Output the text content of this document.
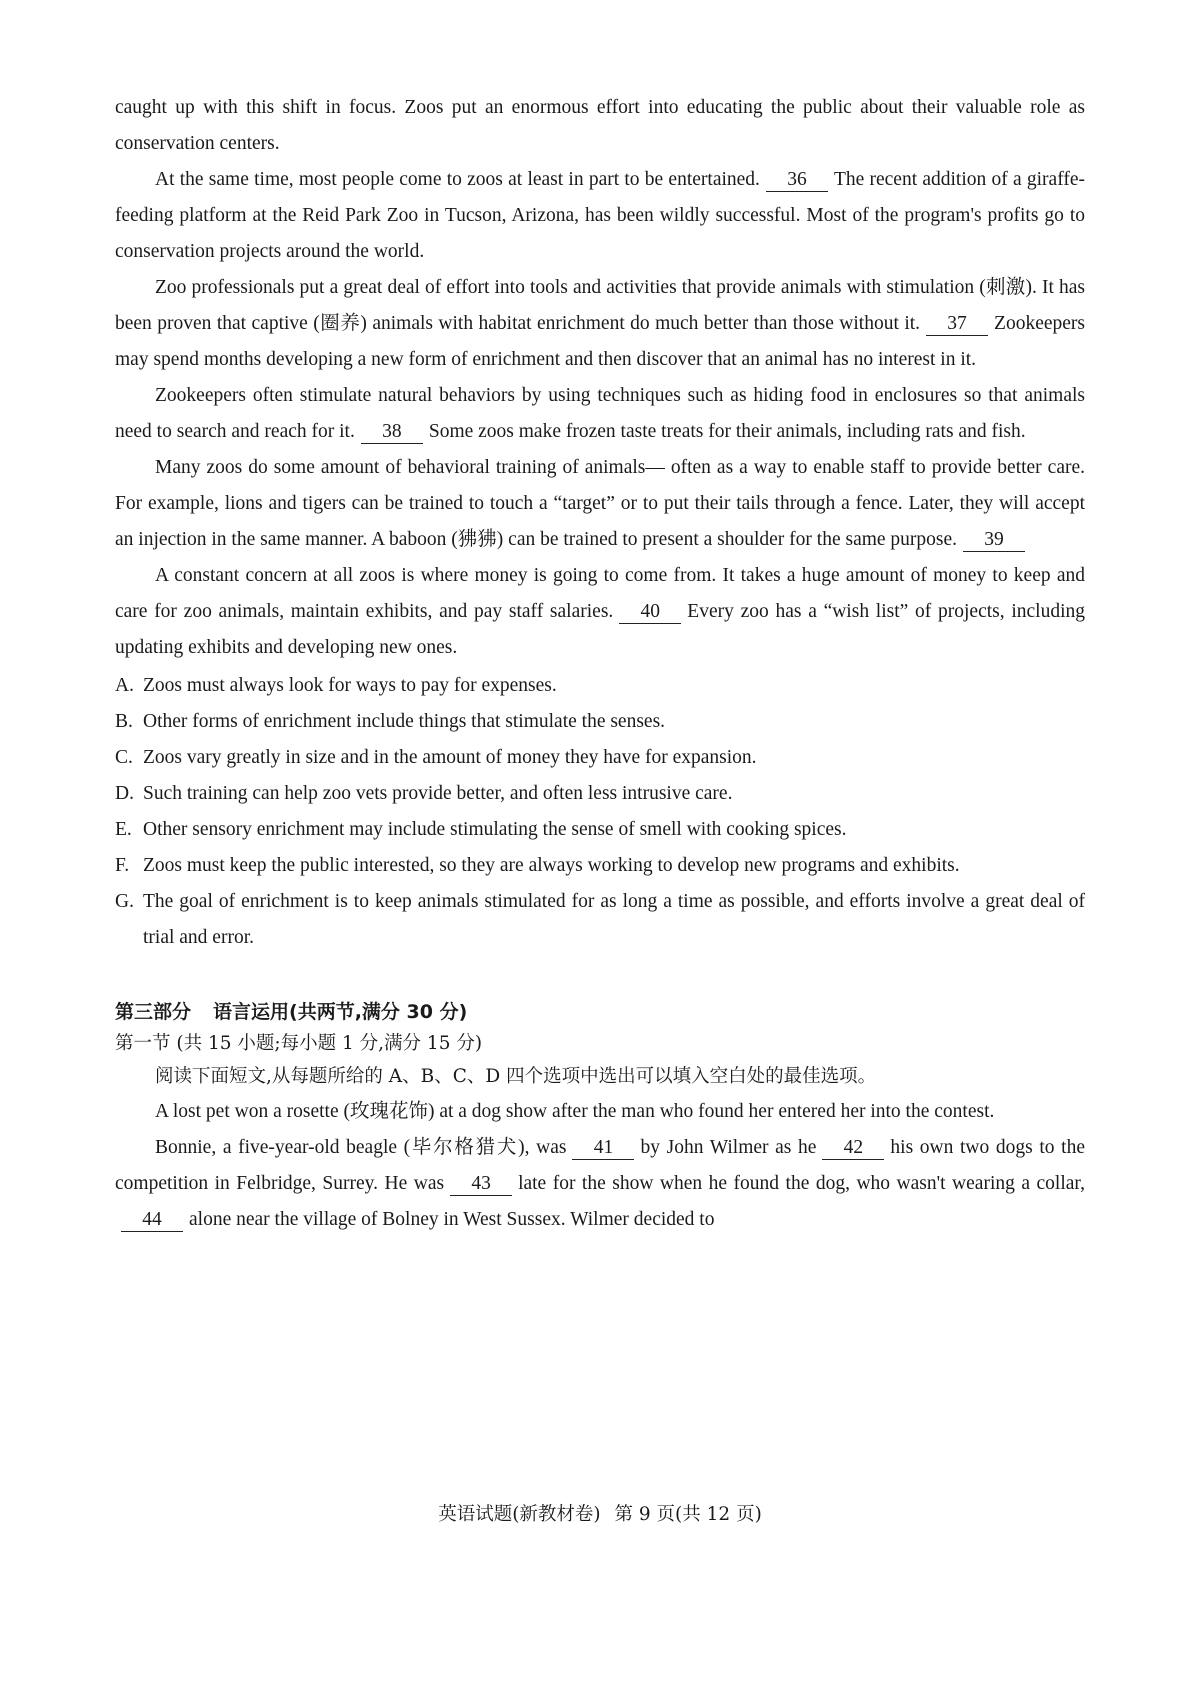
caught up with this shift in focus. Zoos put an enormous effort into educating the public about their valuable role as conservation centers.

At the same time, most people come to zoos at least in part to be entertained. 36 The recent addition of a giraffe-feeding platform at the Reid Park Zoo in Tucson, Arizona, has been wildly successful. Most of the program's profits go to conservation projects around the world.

Zoo professionals put a great deal of effort into tools and activities that provide animals with stimulation (刺激). It has been proven that captive (圈养) animals with habitat enrichment do much better than those without it. 37 Zookeepers may spend months developing a new form of enrichment and then discover that an animal has no interest in it.

Zookeepers often stimulate natural behaviors by using techniques such as hiding food in enclosures so that animals need to search and reach for it. 38 Some zoos make frozen taste treats for their animals, including rats and fish.

Many zoos do some amount of behavioral training of animals— often as a way to enable staff to provide better care. For example, lions and tigers can be trained to touch a “target” or to put their tails through a fence. Later, they will accept an injection in the same manner. A baboon (狒狒) can be trained to present a shoulder for the same purpose. 39

A constant concern at all zoos is where money is going to come from. It takes a huge amount of money to keep and care for zoo animals, maintain exhibits, and pay staff salaries. 40 Every zoo has a “wish list” of projects, including updating exhibits and developing new ones.

A. Zoos must always look for ways to pay for expenses.

B. Other forms of enrichment include things that stimulate the senses.

C. Zoos vary greatly in size and in the amount of money they have for expansion.

D. Such training can help zoo vets provide better, and often less intrusive care.

E. Other sensory enrichment may include stimulating the sense of smell with cooking spices.

F. Zoos must keep the public interested, so they are always working to develop new programs and exhibits.

G. The goal of enrichment is to keep animals stimulated for as long a time as possible, and efforts involve a great deal of trial and error.

第三部分 语言运用(共两节,满分 30 分)
第一节 (共 15 小题;每小题 1 分,满分 15 分)

阅读下面短文,从每题所给的 A、B、C、D 四个选项中选出可以填入空白处的最佳选项。

A lost pet won a rosette (玫瑰花饰) at a dog show after the man who found her entered her into the contest.

Bonnie, a five-year-old beagle (毕尔格猎犬), was 41 by John Wilmer as he 42 his own two dogs to the competition in Felbridge, Surrey. He was 43 late for the show when he found the dog, who wasn't wearing a collar,44 alone near the village of Bolney in West Sussex. Wilmer decided to

英语试题(新教材卷) 第 9 页(共 12 页)
